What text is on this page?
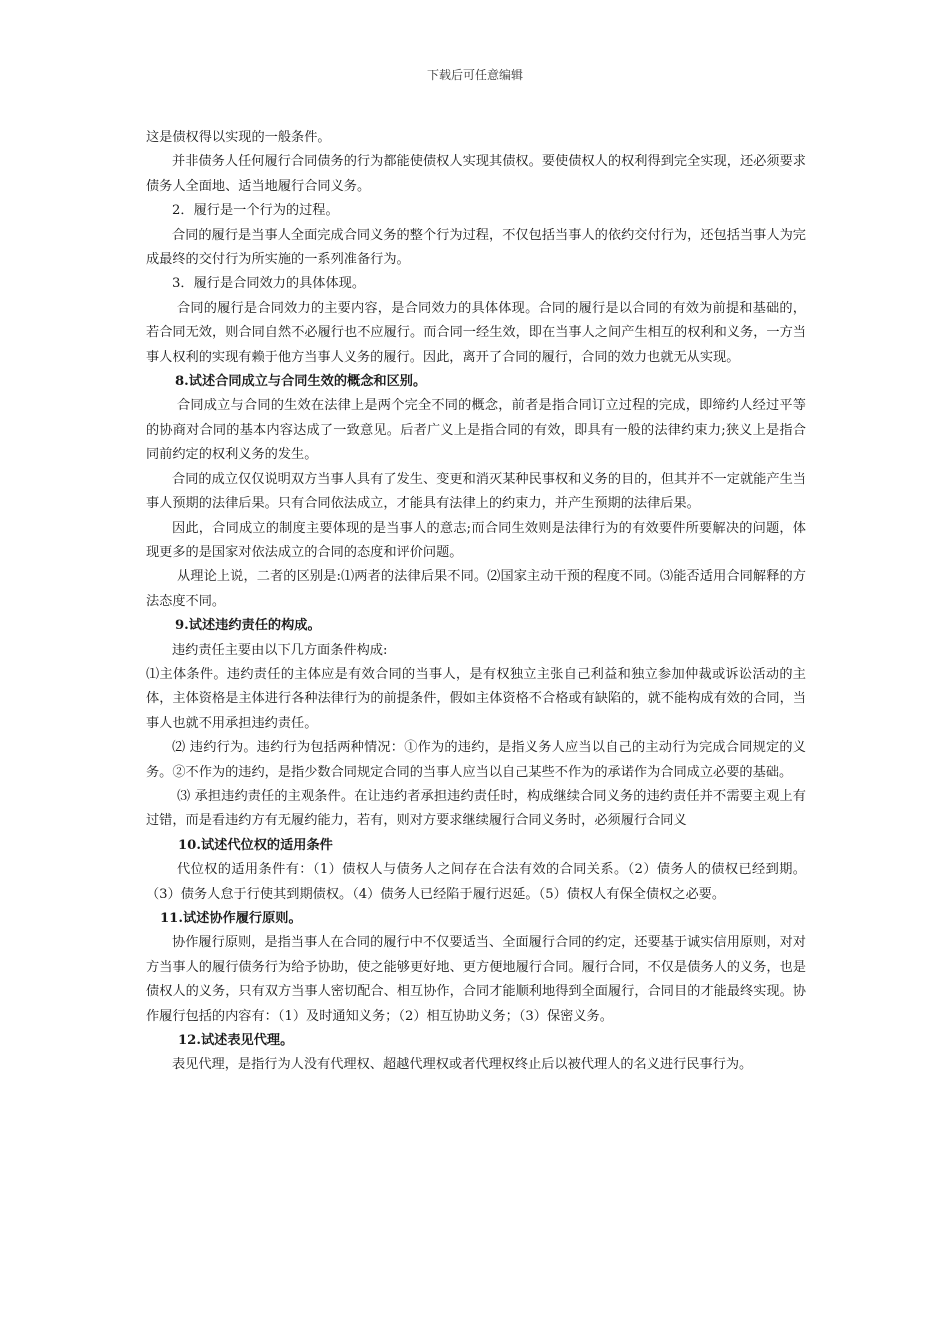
下载后可任意编辑

这是债权得以实现的一般条件。

并非债务人任何履行合同债务的行为都能使债权人实现其债权。要使债权人的权利得到完全实现，还必须要求债务人全面地、适当地履行合同义务。

2．履行是一个行为的过程。

合同的履行是当事人全面完成合同义务的整个行为过程，不仅包括当事人的依约交付行为，还包括当事人为完成最终的交付行为所实施的一系列准备行为。

3．履行是合同效力的具体体现。

合同的履行是合同效力的主要内容，是合同效力的具体体现。合同的履行是以合同的有效为前提和基础的，若合同无效，则合同自然不必履行也不应履行。而合同一经生效，即在当事人之间产生相互的权利和义务，一方当事人权利的实现有赖于他方当事人义务的履行。因此，离开了合同的履行，合同的效力也就无从实现。

8.试述合同成立与合同生效的概念和区别。

合同成立与合同的生效在法律上是两个完全不同的概念，前者是指合同订立过程的完成，即缔约人经过平等的协商对合同的基本内容达成了一致意见。后者广义上是指合同的有效，即具有一般的法律约束力;狭义上是指合同前约定的权利义务的发生。

合同的成立仅仅说明双方当事人具有了发生、变更和消灭某种民事权和义务的目的，但其并不一定就能产生当事人预期的法律后果。只有合同依法成立，才能具有法律上的约束力，并产生预期的法律后果。

因此，合同成立的制度主要体现的是当事人的意志;而合同生效则是法律行为的有效要件所要解决的问题，体现更多的是国家对依法成立的合同的态度和评价问题。

从理论上说，二者的区别是:⑴两者的法律后果不同。⑵国家主动干预的程度不同。⑶能否适用合同解释的方法态度不同。

9.试述违约责任的构成。

违约责任主要由以下几方面条件构成:

⑴主体条件。违约责任的主体应是有效合同的当事人，是有权独立主张自己利益和独立参加仲裁或诉讼活动的主体，主体资格是主体进行各种法律行为的前提条件，假如主体资格不合格或有缺陷的，就不能构成有效的合同，当事人也就不用承担违约责任。

⑵ 违约行为。违约行为包括两种情况：①作为的违约，是指义务人应当以自己的主动行为完成合同规定的义务。②不作为的违约，是指少数合同规定合同的当事人应当以自己某些不作为的承诺作为合同成立必要的基础。

⑶ 承担违约责任的主观条件。在让违约者承担违约责任时，构成继续合同义务的违约责任并不需要主观上有过错，而是看违约方有无履约能力，若有，则对方要求继续履行合同义务时，必须履行合同义

10.试述代位权的适用条件

代位权的适用条件有：（1）债权人与债务人之间存在合法有效的合同关系。（2）债务人的债权已经到期。（3）债务人怠于行使其到期债权。（4）债务人已经陷于履行迟延。（5）债权人有保全债权之必要。

11.试述协作履行原则。

协作履行原则，是指当事人在合同的履行中不仅要适当、全面履行合同的约定，还要基于诚实信用原则，对对方当事人的履行债务行为给予协助，使之能够更好地、更方便地履行合同。履行合同，不仅是债务人的义务，也是债权人的义务，只有双方当事人密切配合、相互协作，合同才能顺利地得到全面履行，合同目的才能最终实现。协作履行包括的内容有：（1）及时通知义务；（2）相互协助义务；（3）保密义务。

12.试述表见代理。

表见代理，是指行为人没有代理权、超越代理权或者代理权终止后以被代理人的名义进行民事行为。
